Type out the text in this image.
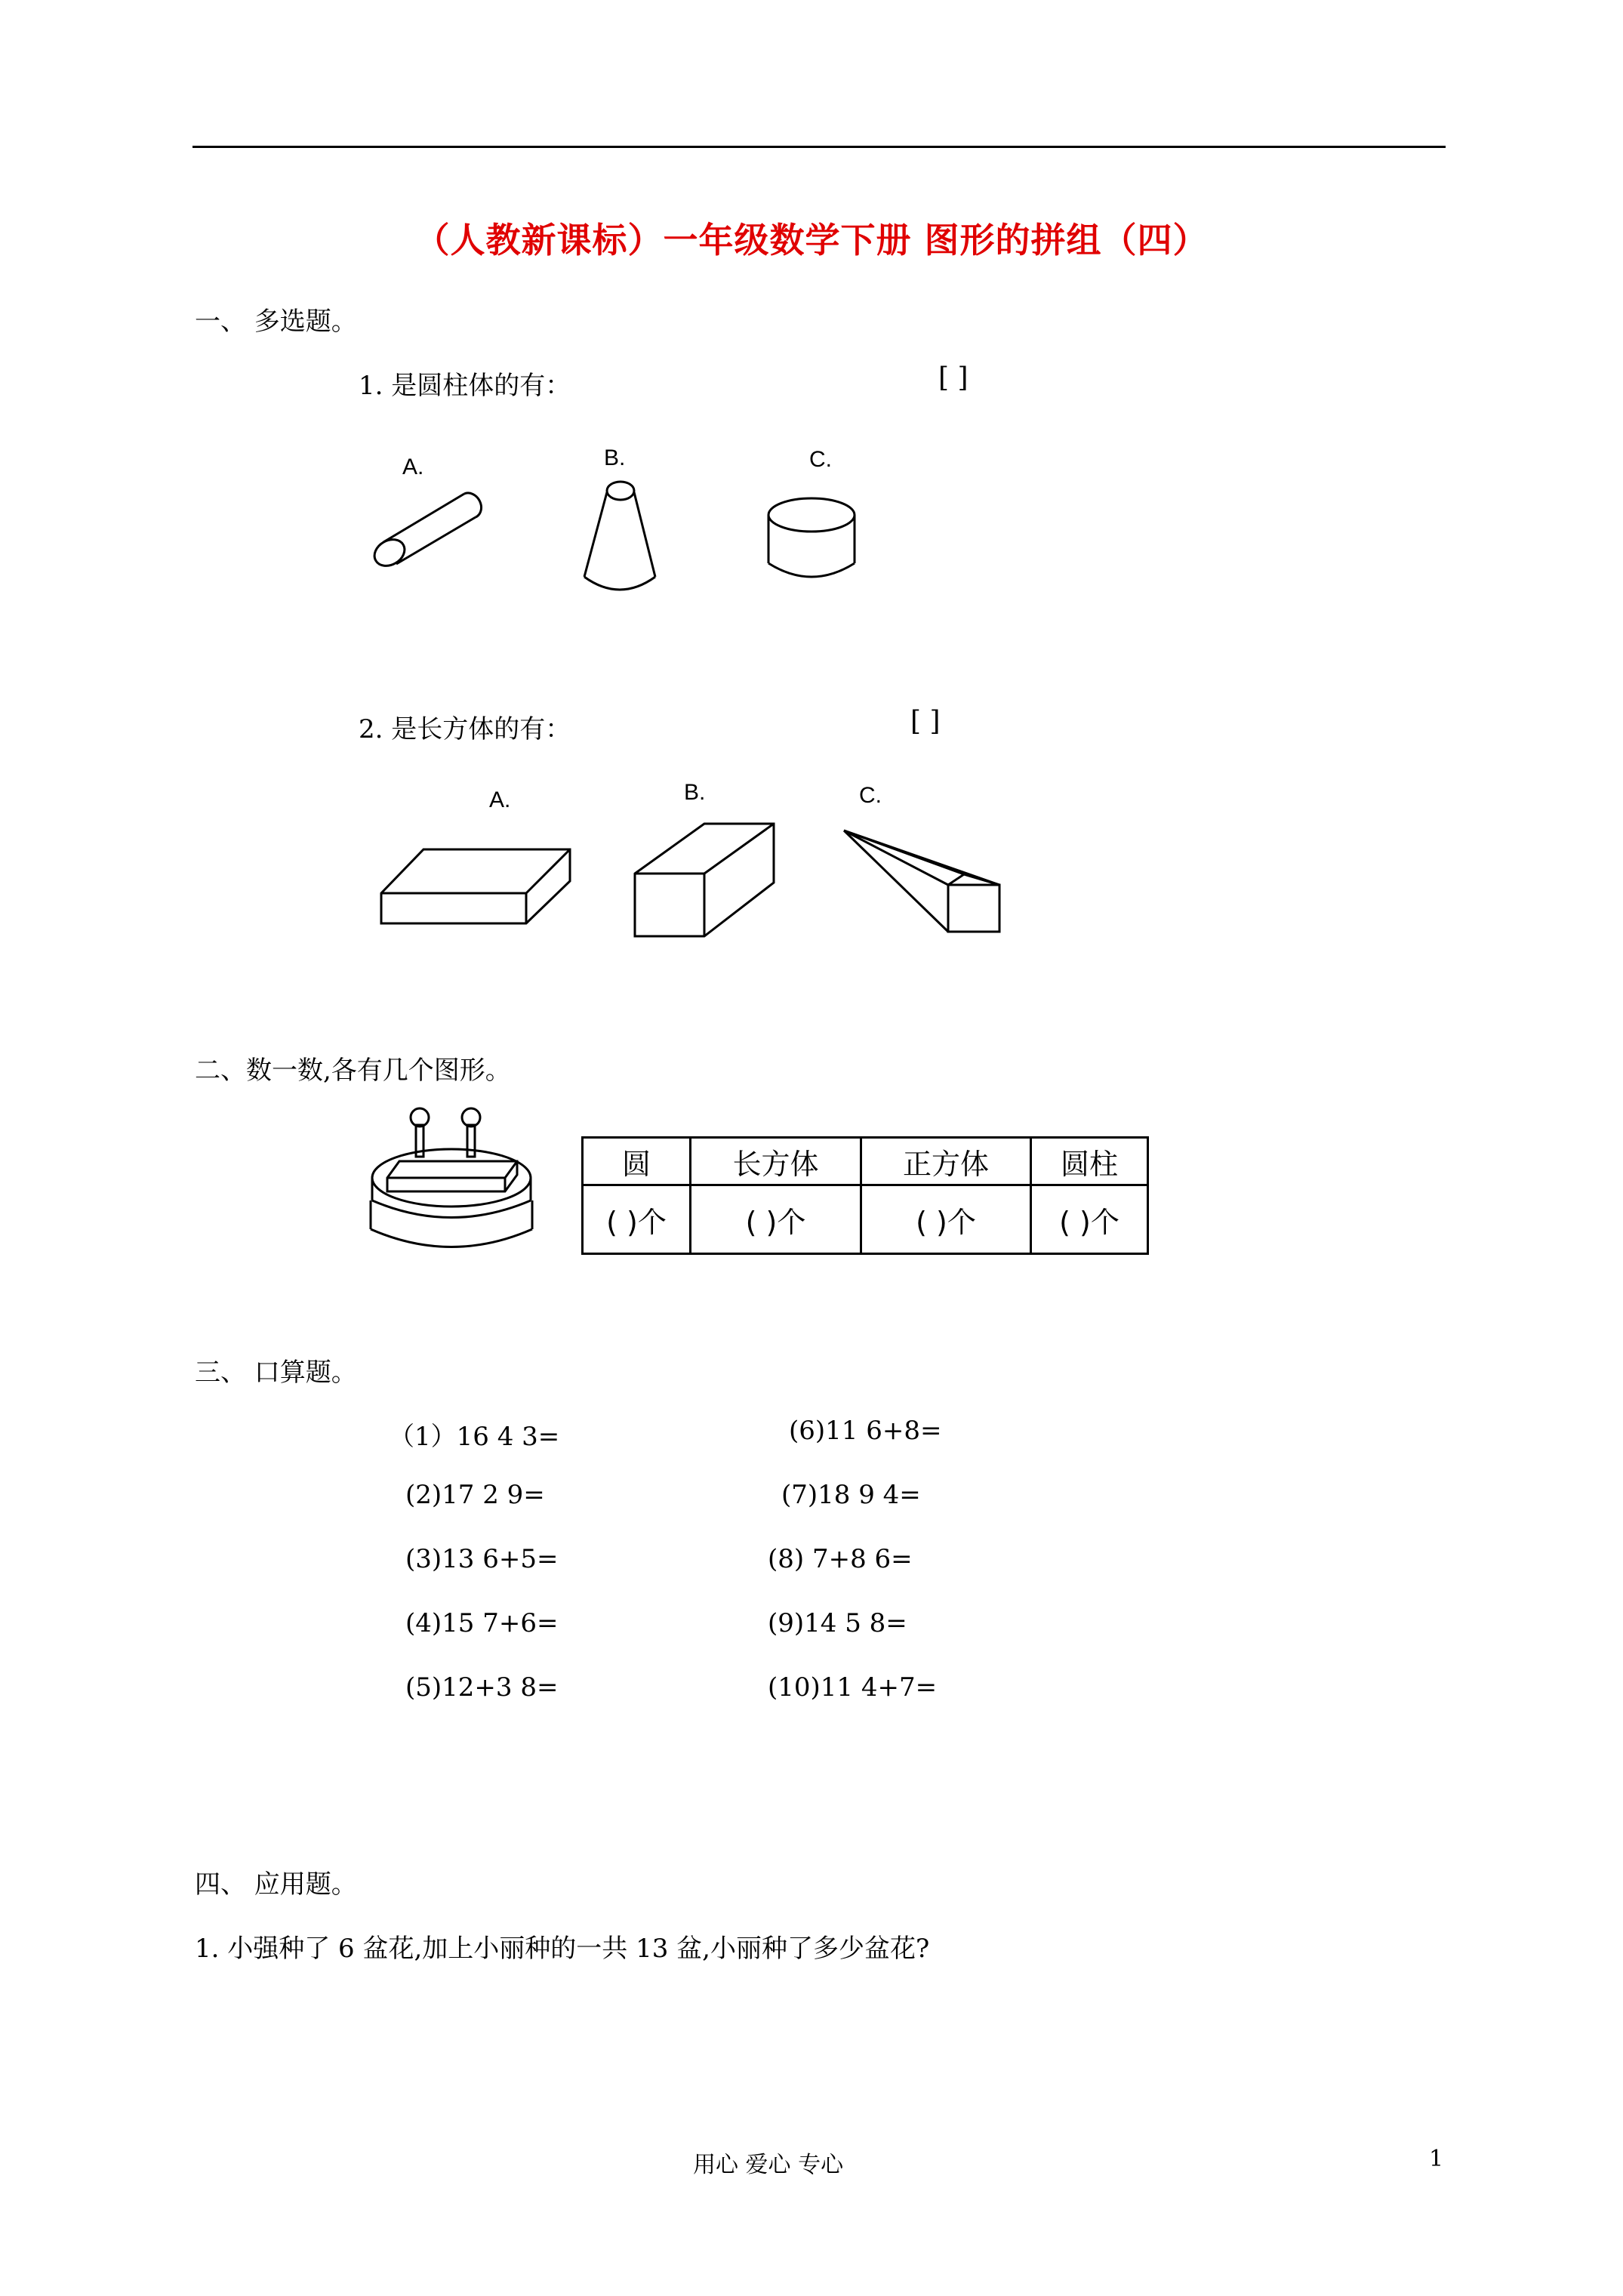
（人教新课标）一年级数学下册 图形的拼组（四）
一、 多选题。
1. 是圆柱体的有：	[ ]
A.	B.	C.
2. 是长方体的有：	[ ]
A.	B.	C.
二、数一数,各有几个图形。
圆	长方体	正方体	圆柱
( )个	( )个	( )个	( )个
三、 口算题。
（1）16 4 3=
(2)17 2 9=
(3)13 6+5=
(4)15 7+6=
(5)12+3 8=
(6)11 6+8=
(7)18 9 4=
(8) 7+8 6=
(9)14 5 8=
(10)11 4+7=
四、 应用题。
1. 小强种了 6 盆花,加上小丽种的一共 13 盆,小丽种了多少盆花?
用心 爱心 专心	1
